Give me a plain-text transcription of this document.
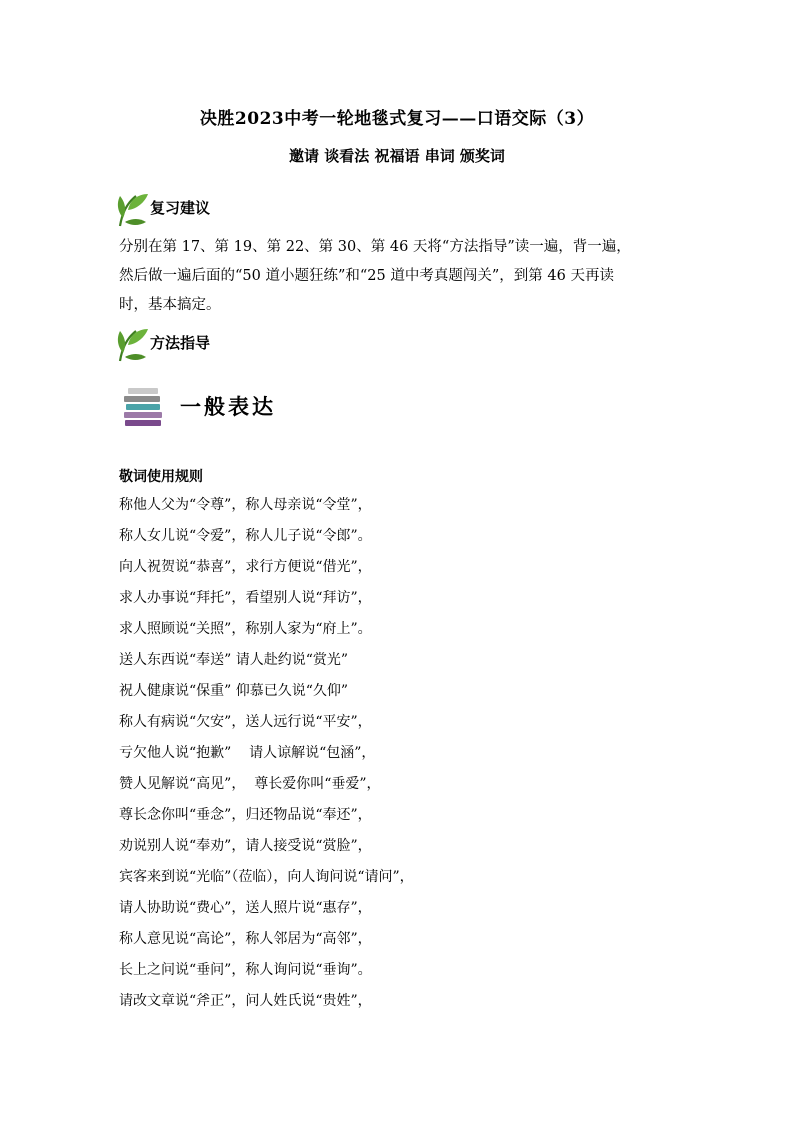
决胜2023中考一轮地毯式复习——口语交际（3）
邀请 谈看法 祝福语 串词 颁奖词
复习建议
分别在第 17、第 19、第 22、第 30、第 46 天将“方法指导”读一遍，背一遍，
然后做一遍后面的“50 道小题狂练”和“25 道中考真题闯关”，到第 46 天再读
时，基本搞定。
方法指导
一般表达
敬词使用规则
称他人父为“令尊”，称人母亲说“令堂”，
称人女儿说“令爱”，称人儿子说“令郎”。
向人祝贺说“恭喜”，求行方便说“借光”，
求人办事说“拜托”，看望别人说“拜访”，
求人照顾说“关照”，称别人家为“府上”。
送人东西说“奉送” 请人赴约说“赏光”
祝人健康说“保重” 仰慕已久说“久仰”
称人有病说“欠安”，送人远行说“平安”，
亏欠他人说“抱歉”    请人谅解说“包涵”，
赞人见解说“高见”，  尊长爱你叫“垂爱”，
尊长念你叫“垂念”，归还物品说“奉还”，
劝说别人说“奉劝”，请人接受说“赏脸”，
宾客来到说“光临”（莅临），向人询问说“请问”，
请人协助说“费心”，送人照片说“惠存”，
称人意见说“高论”，称人邻居为“高邻”，
长上之问说“垂问”，称人询问说“垂询”。
请改文章说“斧正”，问人姓氏说“贵姓”，
